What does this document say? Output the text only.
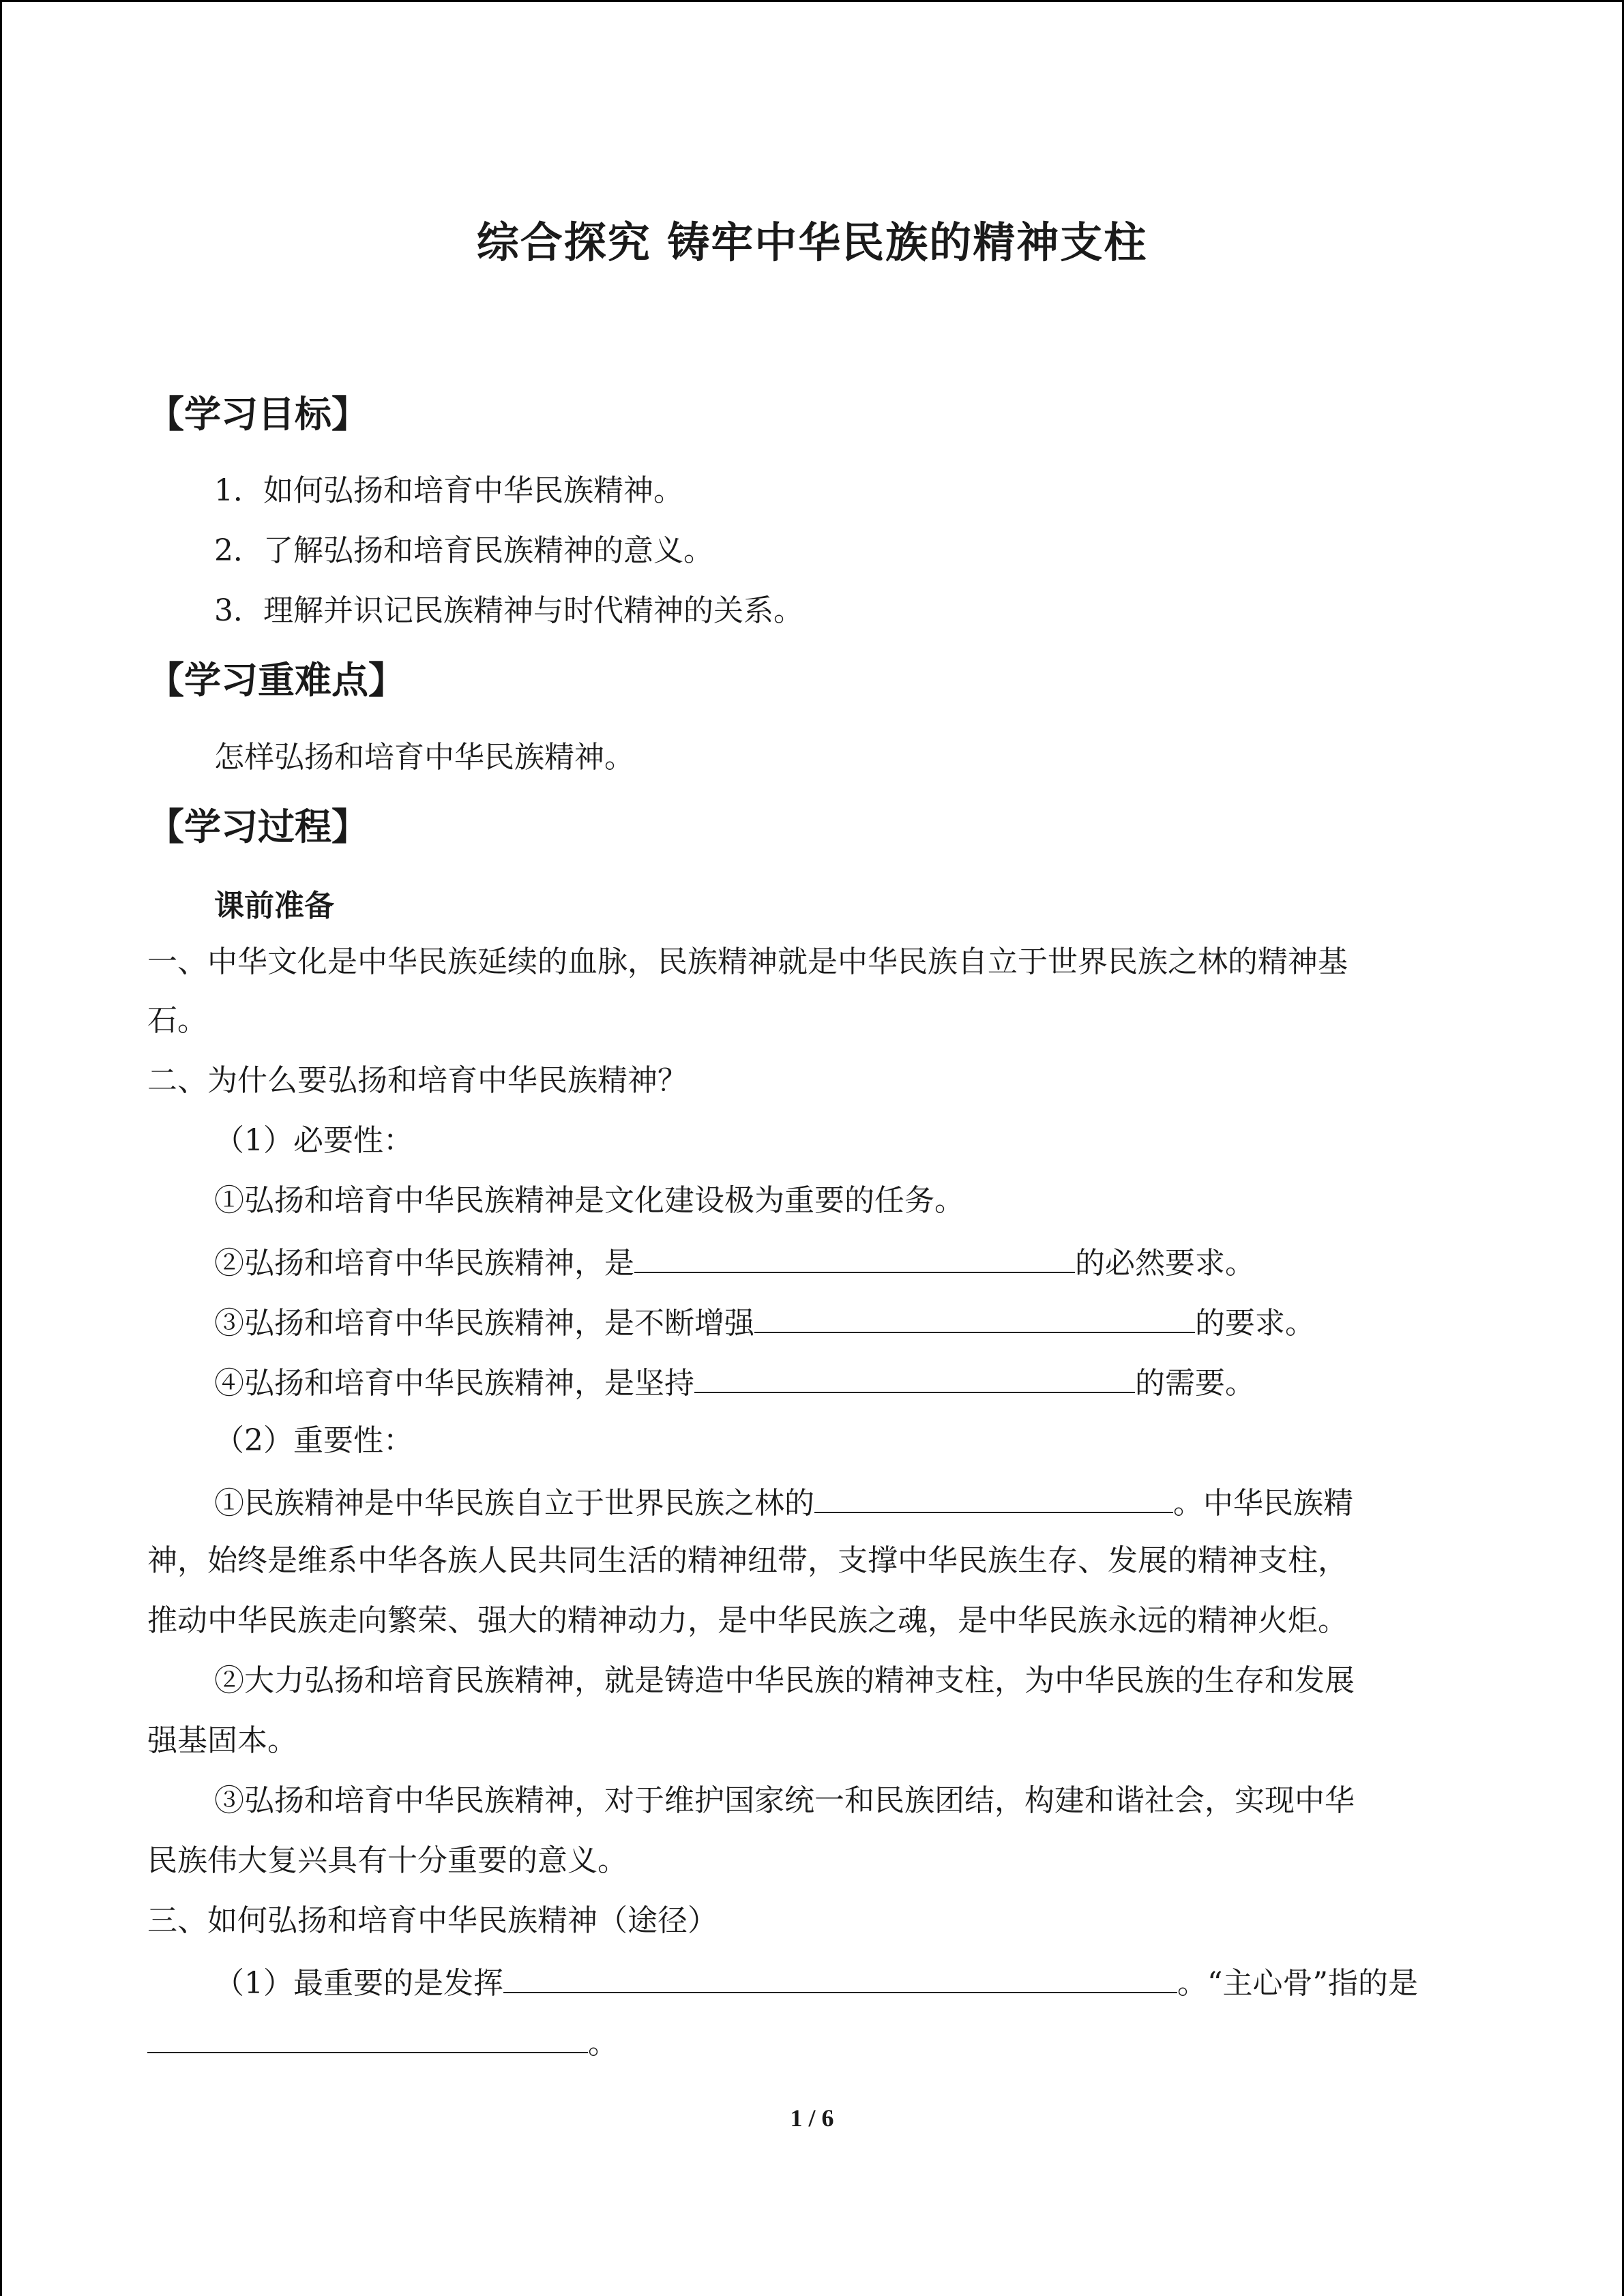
综合探究 铸牢中华民族的精神支柱
【学习目标】
1．如何弘扬和培育中华民族精神。
2．了解弘扬和培育民族精神的意义。
3．理解并识记民族精神与时代精神的关系。
【学习重难点】
怎样弘扬和培育中华民族精神。
【学习过程】
课前准备
一、中华文化是中华民族延续的血脉，民族精神就是中华民族自立于世界民族之林的精神基
石。
二、为什么要弘扬和培育中华民族精神？
（1）必要性：
①弘扬和培育中华民族精神是文化建设极为重要的任务。
②弘扬和培育中华民族精神，是	的必然要求。
③弘扬和培育中华民族精神，是不断增强	的要求。
④弘扬和培育中华民族精神，是坚持	的需要。
（2）重要性：
①民族精神是中华民族自立于世界民族之林的	。中华民族精
神，始终是维系中华各族人民共同生活的精神纽带，支撑中华民族生存、发展的精神支柱，
推动中华民族走向繁荣、强大的精神动力，是中华民族之魂，是中华民族永远的精神火炬。
②大力弘扬和培育民族精神，就是铸造中华民族的精神支柱，为中华民族的生存和发展
强基固本。
③弘扬和培育中华民族精神，对于维护国家统一和民族团结，构建和谐社会，实现中华
民族伟大复兴具有十分重要的意义。
三、如何弘扬和培育中华民族精神（途径）
（1）最重要的是发挥	。“主心骨”指的是
。
1 / 6
